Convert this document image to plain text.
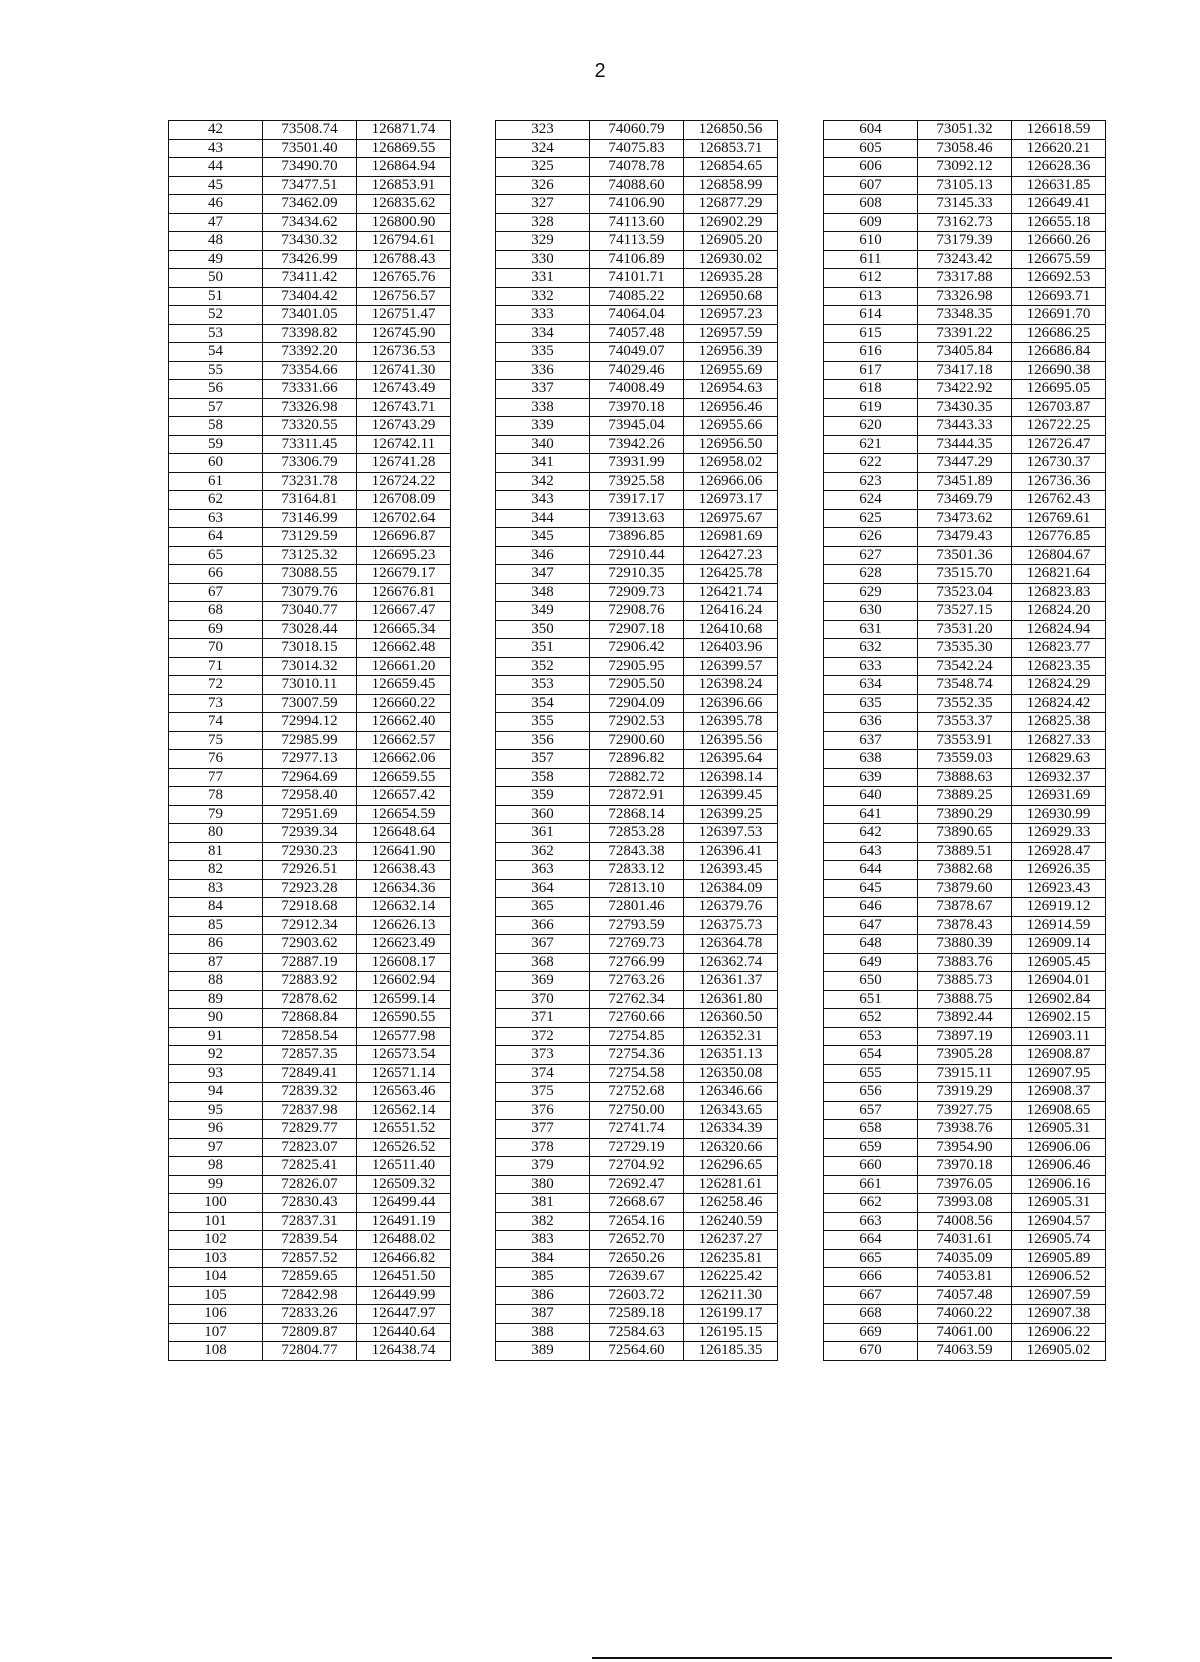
2
42	73508.74	126871.74
43	73501.40	126869.55
44	73490.70	126864.94
45	73477.51	126853.91
46	73462.09	126835.62
47	73434.62	126800.90
48	73430.32	126794.61
49	73426.99	126788.43
50	73411.42	126765.76
51	73404.42	126756.57
52	73401.05	126751.47
53	73398.82	126745.90
54	73392.20	126736.53
55	73354.66	126741.30
56	73331.66	126743.49
57	73326.98	126743.71
58	73320.55	126743.29
59	73311.45	126742.11
60	73306.79	126741.28
61	73231.78	126724.22
62	73164.81	126708.09
63	73146.99	126702.64
64	73129.59	126696.87
65	73125.32	126695.23
66	73088.55	126679.17
67	73079.76	126676.81
68	73040.77	126667.47
69	73028.44	126665.34
70	73018.15	126662.48
71	73014.32	126661.20
72	73010.11	126659.45
73	73007.59	126660.22
74	72994.12	126662.40
75	72985.99	126662.57
76	72977.13	126662.06
77	72964.69	126659.55
78	72958.40	126657.42
79	72951.69	126654.59
80	72939.34	126648.64
81	72930.23	126641.90
82	72926.51	126638.43
83	72923.28	126634.36
84	72918.68	126632.14
85	72912.34	126626.13
86	72903.62	126623.49
87	72887.19	126608.17
88	72883.92	126602.94
89	72878.62	126599.14
90	72868.84	126590.55
91	72858.54	126577.98
92	72857.35	126573.54
93	72849.41	126571.14
94	72839.32	126563.46
95	72837.98	126562.14
96	72829.77	126551.52
97	72823.07	126526.52
98	72825.41	126511.40
99	72826.07	126509.32
100	72830.43	126499.44
101	72837.31	126491.19
102	72839.54	126488.02
103	72857.52	126466.82
104	72859.65	126451.50
105	72842.98	126449.99
106	72833.26	126447.97
107	72809.87	126440.64
108	72804.77	126438.74
323	74060.79	126850.56
324	74075.83	126853.71
325	74078.78	126854.65
326	74088.60	126858.99
327	74106.90	126877.29
328	74113.60	126902.29
329	74113.59	126905.20
330	74106.89	126930.02
331	74101.71	126935.28
332	74085.22	126950.68
333	74064.04	126957.23
334	74057.48	126957.59
335	74049.07	126956.39
336	74029.46	126955.69
337	74008.49	126954.63
338	73970.18	126956.46
339	73945.04	126955.66
340	73942.26	126956.50
341	73931.99	126958.02
342	73925.58	126966.06
343	73917.17	126973.17
344	73913.63	126975.67
345	73896.85	126981.69
346	72910.44	126427.23
347	72910.35	126425.78
348	72909.73	126421.74
349	72908.76	126416.24
350	72907.18	126410.68
351	72906.42	126403.96
352	72905.95	126399.57
353	72905.50	126398.24
354	72904.09	126396.66
355	72902.53	126395.78
356	72900.60	126395.56
357	72896.82	126395.64
358	72882.72	126398.14
359	72872.91	126399.45
360	72868.14	126399.25
361	72853.28	126397.53
362	72843.38	126396.41
363	72833.12	126393.45
364	72813.10	126384.09
365	72801.46	126379.76
366	72793.59	126375.73
367	72769.73	126364.78
368	72766.99	126362.74
369	72763.26	126361.37
370	72762.34	126361.80
371	72760.66	126360.50
372	72754.85	126352.31
373	72754.36	126351.13
374	72754.58	126350.08
375	72752.68	126346.66
376	72750.00	126343.65
377	72741.74	126334.39
378	72729.19	126320.66
379	72704.92	126296.65
380	72692.47	126281.61
381	72668.67	126258.46
382	72654.16	126240.59
383	72652.70	126237.27
384	72650.26	126235.81
385	72639.67	126225.42
386	72603.72	126211.30
387	72589.18	126199.17
388	72584.63	126195.15
389	72564.60	126185.35
604	73051.32	126618.59
605	73058.46	126620.21
606	73092.12	126628.36
607	73105.13	126631.85
608	73145.33	126649.41
609	73162.73	126655.18
610	73179.39	126660.26
611	73243.42	126675.59
612	73317.88	126692.53
613	73326.98	126693.71
614	73348.35	126691.70
615	73391.22	126686.25
616	73405.84	126686.84
617	73417.18	126690.38
618	73422.92	126695.05
619	73430.35	126703.87
620	73443.33	126722.25
621	73444.35	126726.47
622	73447.29	126730.37
623	73451.89	126736.36
624	73469.79	126762.43
625	73473.62	126769.61
626	73479.43	126776.85
627	73501.36	126804.67
628	73515.70	126821.64
629	73523.04	126823.83
630	73527.15	126824.20
631	73531.20	126824.94
632	73535.30	126823.77
633	73542.24	126823.35
634	73548.74	126824.29
635	73552.35	126824.42
636	73553.37	126825.38
637	73553.91	126827.33
638	73559.03	126829.63
639	73888.63	126932.37
640	73889.25	126931.69
641	73890.29	126930.99
642	73890.65	126929.33
643	73889.51	126928.47
644	73882.68	126926.35
645	73879.60	126923.43
646	73878.67	126919.12
647	73878.43	126914.59
648	73880.39	126909.14
649	73883.76	126905.45
650	73885.73	126904.01
651	73888.75	126902.84
652	73892.44	126902.15
653	73897.19	126903.11
654	73905.28	126908.87
655	73915.11	126907.95
656	73919.29	126908.37
657	73927.75	126908.65
658	73938.76	126905.31
659	73954.90	126906.06
660	73970.18	126906.46
661	73976.05	126906.16
662	73993.08	126905.31
663	74008.56	126904.57
664	74031.61	126905.74
665	74035.09	126905.89
666	74053.81	126906.52
667	74057.48	126907.59
668	74060.22	126907.38
669	74061.00	126906.22
670	74063.59	126905.02
